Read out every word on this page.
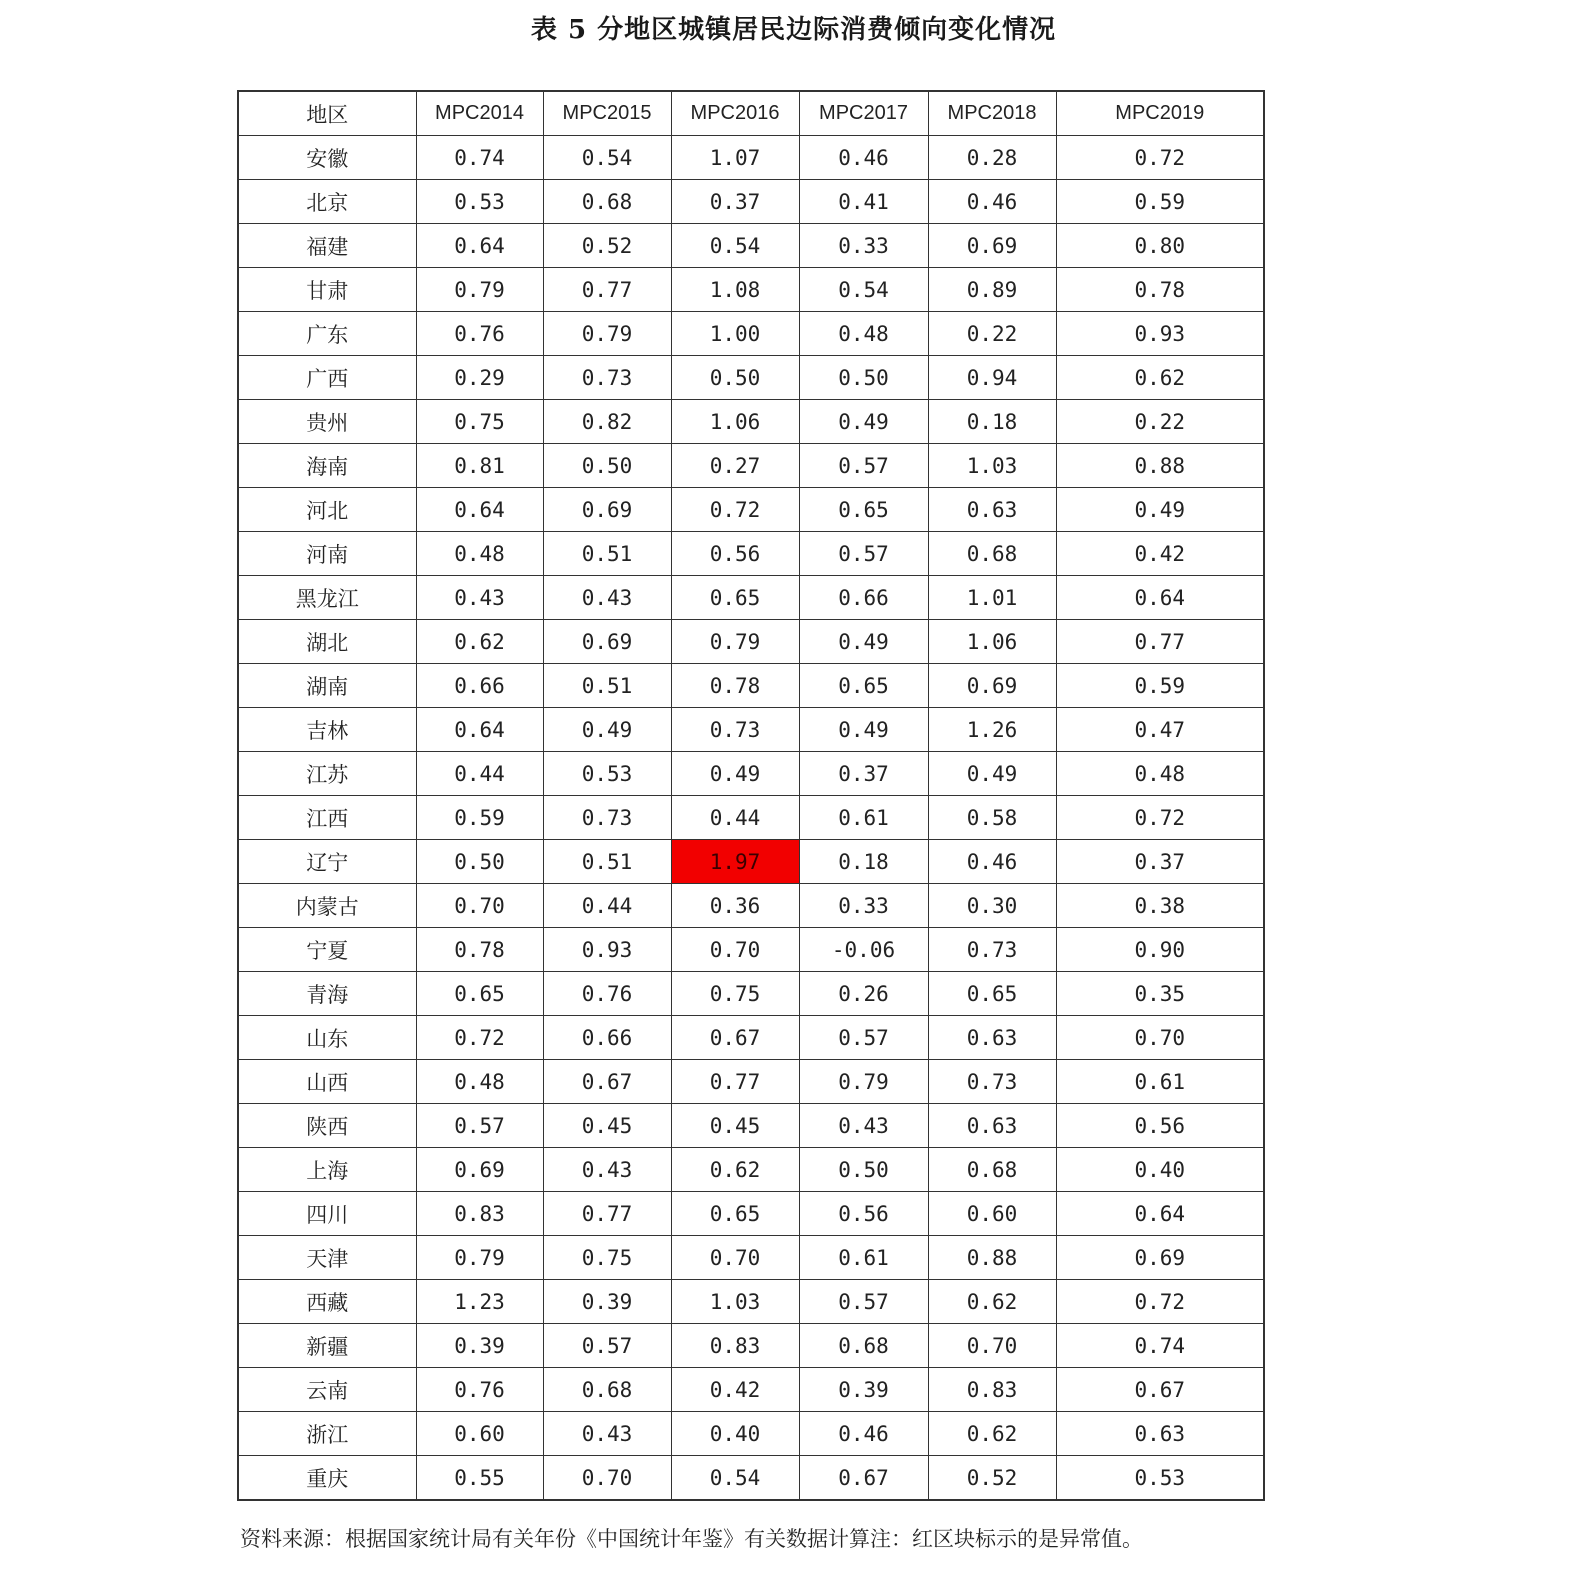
表 5 分地区城镇居民边际消费倾向变化情况
地区	MPC2014	MPC2015	MPC2016	MPC2017	MPC2018	MPC2019
安徽	0.74	0.54	1.07	0.46	0.28	0.72
北京	0.53	0.68	0.37	0.41	0.46	0.59
福建	0.64	0.52	0.54	0.33	0.69	0.80
甘肃	0.79	0.77	1.08	0.54	0.89	0.78
广东	0.76	0.79	1.00	0.48	0.22	0.93
广西	0.29	0.73	0.50	0.50	0.94	0.62
贵州	0.75	0.82	1.06	0.49	0.18	0.22
海南	0.81	0.50	0.27	0.57	1.03	0.88
河北	0.64	0.69	0.72	0.65	0.63	0.49
河南	0.48	0.51	0.56	0.57	0.68	0.42
黑龙江	0.43	0.43	0.65	0.66	1.01	0.64
湖北	0.62	0.69	0.79	0.49	1.06	0.77
湖南	0.66	0.51	0.78	0.65	0.69	0.59
吉林	0.64	0.49	0.73	0.49	1.26	0.47
江苏	0.44	0.53	0.49	0.37	0.49	0.48
江西	0.59	0.73	0.44	0.61	0.58	0.72
辽宁	0.50	0.51	1.97	0.18	0.46	0.37
内蒙古	0.70	0.44	0.36	0.33	0.30	0.38
宁夏	0.78	0.93	0.70	-0.06	0.73	0.90
青海	0.65	0.76	0.75	0.26	0.65	0.35
山东	0.72	0.66	0.67	0.57	0.63	0.70
山西	0.48	0.67	0.77	0.79	0.73	0.61
陕西	0.57	0.45	0.45	0.43	0.63	0.56
上海	0.69	0.43	0.62	0.50	0.68	0.40
四川	0.83	0.77	0.65	0.56	0.60	0.64
天津	0.79	0.75	0.70	0.61	0.88	0.69
西藏	1.23	0.39	1.03	0.57	0.62	0.72
新疆	0.39	0.57	0.83	0.68	0.70	0.74
云南	0.76	0.68	0.42	0.39	0.83	0.67
浙江	0.60	0.43	0.40	0.46	0.62	0.63
重庆	0.55	0.70	0.54	0.67	0.52	0.53
资料来源：根据国家统计局有关年份《中国统计年鉴》有关数据计算注：红区块标示的是异常值。
